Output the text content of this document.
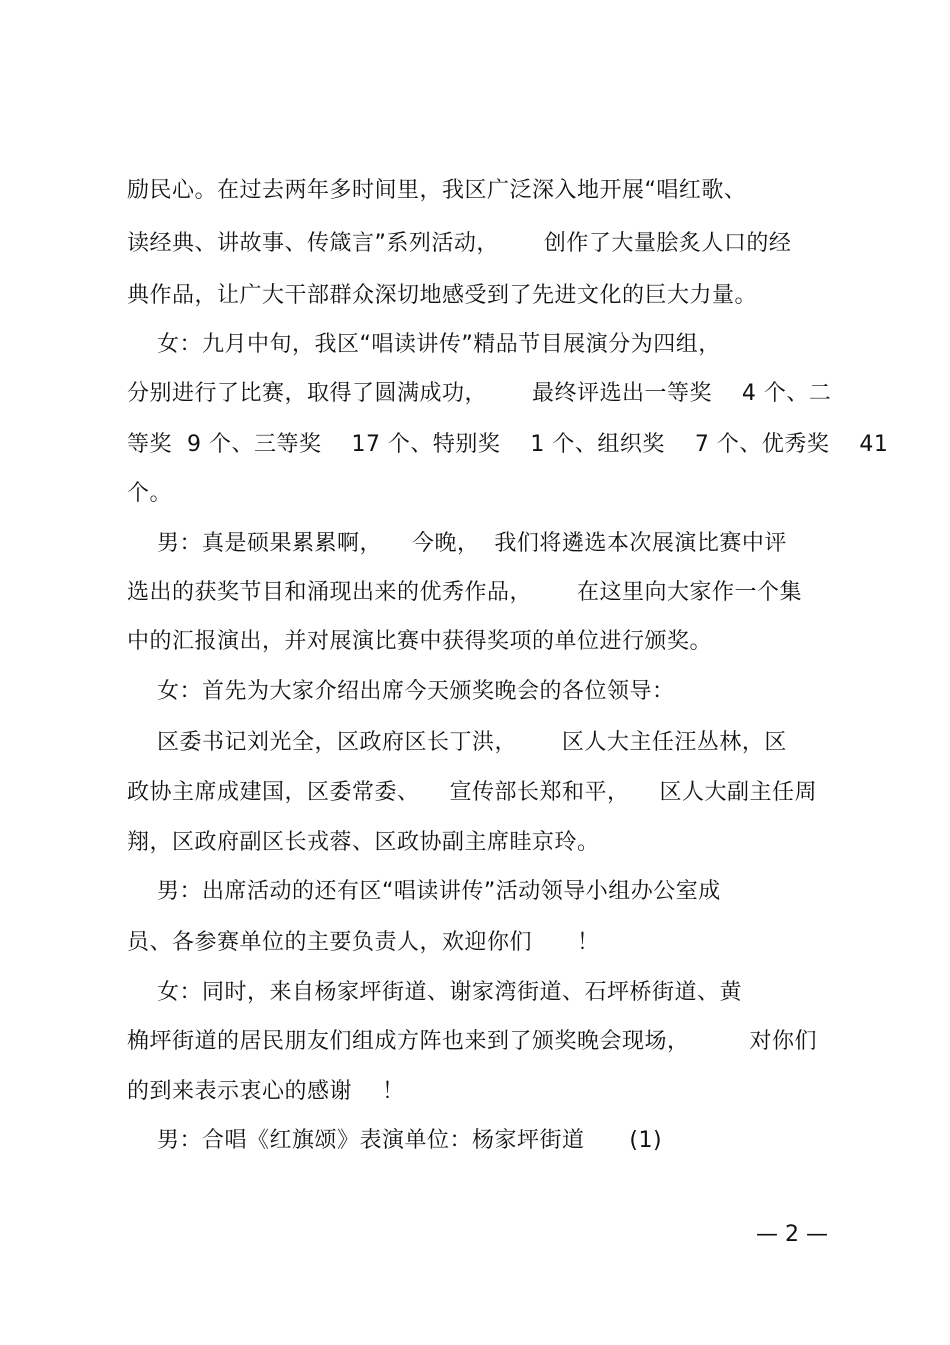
励民心。在过去两年多时间里，我区广泛深入地开展“唱红歌、
读经典、讲故事、传箴言”系列活动，      创作了大量脍炙人口的经
典作品，让广大干部群众深切地感受到了先进文化的巨大力量。
女：九月中旬，我区“唱读讲传”精品节目展演分为四组，
分别进行了比赛，取得了圆满成功，      最终评选出一等奖    4 个、二
等奖  9 个、三等奖    17 个、特别奖    1 个、组织奖    7 个、优秀奖    41
个。
男：真是硕果累累啊，    今晚，  我们将遴选本次展演比赛中评
选出的获奖节目和涌现出来的优秀作品，      在这里向大家作一个集
中的汇报演出，并对展演比赛中获得奖项的单位进行颁奖。
女：首先为大家介绍出席今天颁奖晚会的各位领导：
区委书记刘光全，区政府区长丁洪，      区人大主任汪丛林，区
政协主席成建国，区委常委、    宣传部长郑和平，    区人大副主任周
翔，区政府副区长戎蓉、区政协副主席眭京玲。
男：出席活动的还有区“唱读讲传”活动领导小组办公室成
员、各参赛单位的主要负责人，欢迎你们      ！
女：同时，来自杨家坪街道、谢家湾街道、石坪桥街道、黄
桷坪街道的居民朋友们组成方阵也来到了颁奖晚会现场，        对你们
的到来表示衷心的感谢    ！
男：合唱《红旗颂》表演单位：杨家坪街道      (1)
— 2 —
